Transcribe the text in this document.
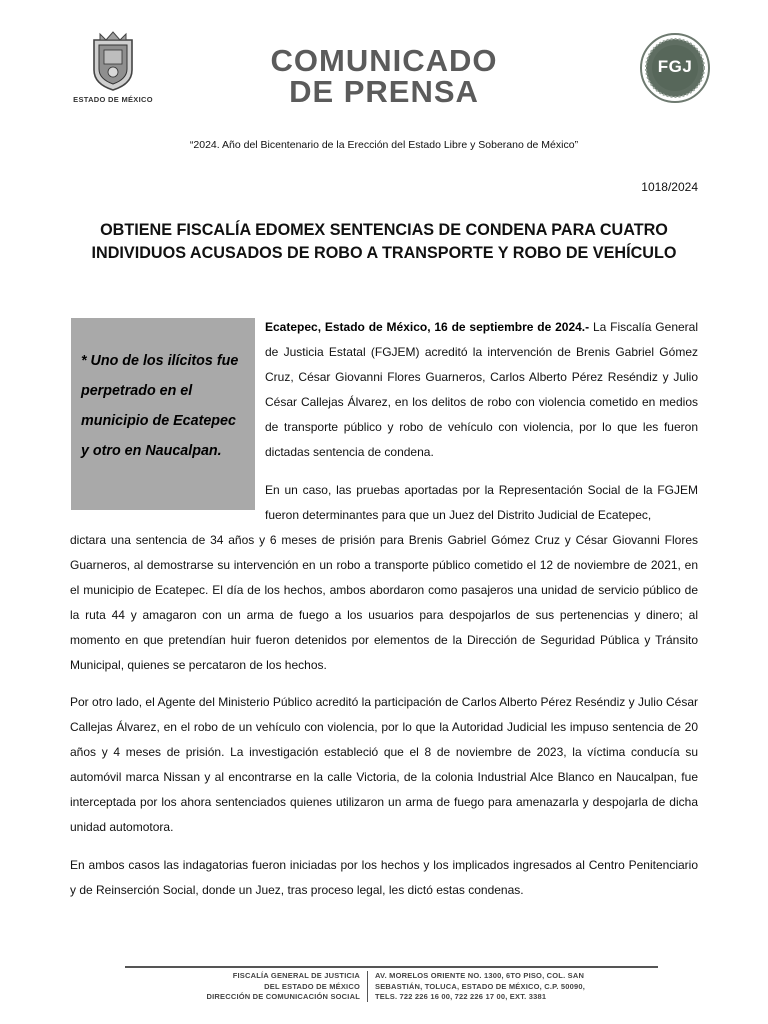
ESTADO DE MÉXICO
COMUNICADO
DE PRENSA
FGJ
“2024. Año del Bicentenario de la Erección del Estado Libre y Soberano de México”
1018/2024
OBTIENE FISCALÍA EDOMEX SENTENCIAS DE CONDENA PARA CUATRO INDIVIDUOS ACUSADOS DE ROBO A TRANSPORTE Y ROBO DE VEHÍCULO
* Uno de los ilícitos fue perpetrado en el municipio de Ecatepec y otro en Naucalpan.
Ecatepec, Estado de México, 16 de septiembre de 2024.- La Fiscalía General de Justicia Estatal (FGJEM) acreditó la intervención de Brenis Gabriel Gómez Cruz, César Giovanni Flores Guarneros, Carlos Alberto Pérez Reséndiz y Julio César Callejas Álvarez, en los delitos de robo con violencia cometido en medios de transporte público y robo de vehículo con violencia, por lo que les fueron dictadas sentencia de condena.
En un caso, las pruebas aportadas por la Representación Social de la FGJEM fueron determinantes para que un Juez del Distrito Judicial de Ecatepec,
dictara una sentencia de 34 años y 6 meses de prisión para Brenis Gabriel Gómez Cruz y César Giovanni Flores Guarneros, al demostrarse su intervención en un robo a transporte público cometido el 12 de noviembre de 2021, en el municipio de Ecatepec. El día de los hechos, ambos abordaron como pasajeros una unidad de servicio público de la ruta 44 y amagaron con un arma de fuego a los usuarios para despojarlos de sus pertenencias y dinero; al momento en que pretendían huir fueron detenidos por elementos de la Dirección de Seguridad Pública y Tránsito Municipal, quienes se percataron de los hechos.
Por otro lado, el Agente del Ministerio Público acreditó la participación de Carlos Alberto Pérez Reséndiz y Julio César Callejas Álvarez, en el robo de un vehículo con violencia, por lo que la Autoridad Judicial les impuso sentencia de 20 años y 4 meses de prisión. La investigación estableció que el 8 de noviembre de 2023, la víctima conducía su automóvil marca Nissan y al encontrarse en la calle Victoria, de la colonia Industrial Alce Blanco en Naucalpan, fue interceptada por los ahora sentenciados quienes utilizaron un arma de fuego para amenazarla y despojarla de dicha unidad automotora.
En ambos casos las indagatorias fueron iniciadas por los hechos y los implicados ingresados al Centro Penitenciario y de Reinserción Social, donde un Juez, tras proceso legal, les dictó estas condenas.
FISCALÍA GENERAL DE JUSTICIA
DEL ESTADO DE MÉXICO
DIRECCIÓN DE COMUNICACIÓN SOCIAL
AV. MORELOS ORIENTE NO. 1300, 6TO PISO, COL. SAN
SEBASTIÁN, TOLUCA, ESTADO DE MÉXICO, C.P. 50090,
TELS. 722 226 16 00, 722 226 17 00, EXT. 3381
